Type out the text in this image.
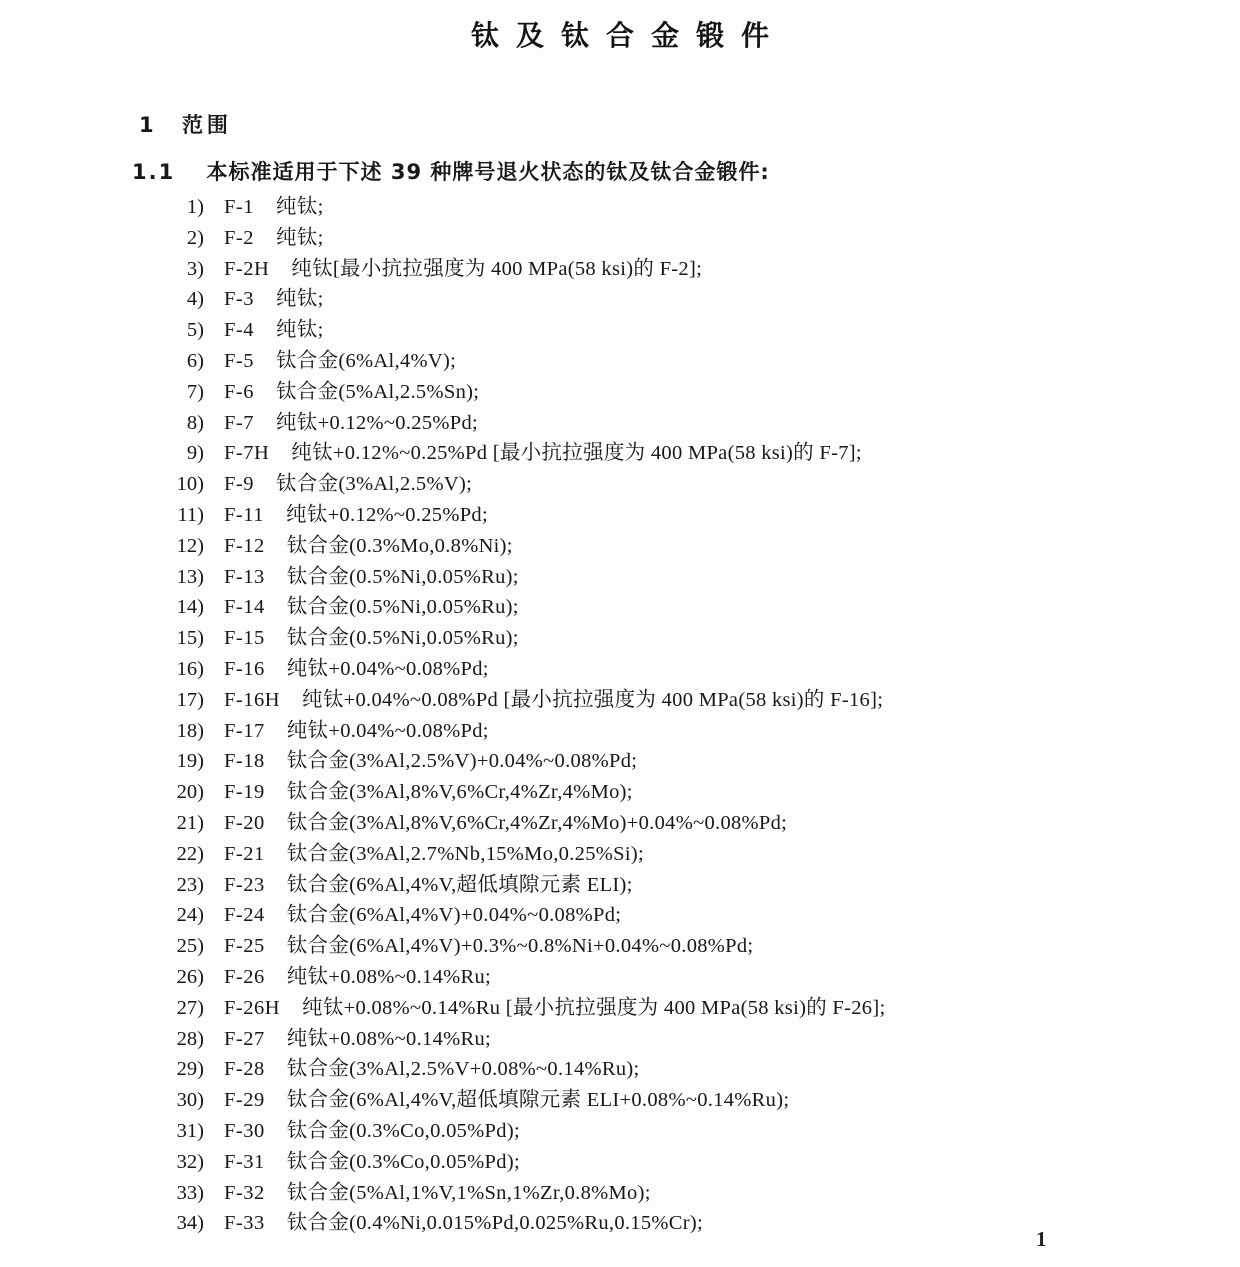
钛及钛合金锻件
1 范围
1.1 本标准适用于下述 39 种牌号退火状态的钛及钛合金锻件:
1) F-1 纯钛;
2) F-2 纯钛;
3) F-2H 纯钛[最小抗拉强度为 400 MPa(58 ksi)的 F-2];
4) F-3 纯钛;
5) F-4 纯钛;
6) F-5 钛合金(6%Al,4%V);
7) F-6 钛合金(5%Al,2.5%Sn);
8) F-7 纯钛+0.12%~0.25%Pd;
9) F-7H 纯钛+0.12%~0.25%Pd [最小抗拉强度为 400 MPa(58 ksi)的 F-7];
10) F-9 钛合金(3%Al,2.5%V);
11) F-11 纯钛+0.12%~0.25%Pd;
12) F-12 钛合金(0.3%Mo,0.8%Ni);
13) F-13 钛合金(0.5%Ni,0.05%Ru);
14) F-14 钛合金(0.5%Ni,0.05%Ru);
15) F-15 钛合金(0.5%Ni,0.05%Ru);
16) F-16 纯钛+0.04%~0.08%Pd;
17) F-16H 纯钛+0.04%~0.08%Pd [最小抗拉强度为 400 MPa(58 ksi)的 F-16];
18) F-17 纯钛+0.04%~0.08%Pd;
19) F-18 钛合金(3%Al,2.5%V)+0.04%~0.08%Pd;
20) F-19 钛合金(3%Al,8%V,6%Cr,4%Zr,4%Mo);
21) F-20 钛合金(3%Al,8%V,6%Cr,4%Zr,4%Mo)+0.04%~0.08%Pd;
22) F-21 钛合金(3%Al,2.7%Nb,15%Mo,0.25%Si);
23) F-23 钛合金(6%Al,4%V,超低填隙元素 ELI);
24) F-24 钛合金(6%Al,4%V)+0.04%~0.08%Pd;
25) F-25 钛合金(6%Al,4%V)+0.3%~0.8%Ni+0.04%~0.08%Pd;
26) F-26 纯钛+0.08%~0.14%Ru;
27) F-26H 纯钛+0.08%~0.14%Ru [最小抗拉强度为 400 MPa(58 ksi)的 F-26];
28) F-27 纯钛+0.08%~0.14%Ru;
29) F-28 钛合金(3%Al,2.5%V+0.08%~0.14%Ru);
30) F-29 钛合金(6%Al,4%V,超低填隙元素 ELI+0.08%~0.14%Ru);
31) F-30 钛合金(0.3%Co,0.05%Pd);
32) F-31 钛合金(0.3%Co,0.05%Pd);
33) F-32 钛合金(5%Al,1%V,1%Sn,1%Zr,0.8%Mo);
34) F-33 钛合金(0.4%Ni,0.015%Pd,0.025%Ru,0.15%Cr);
1
